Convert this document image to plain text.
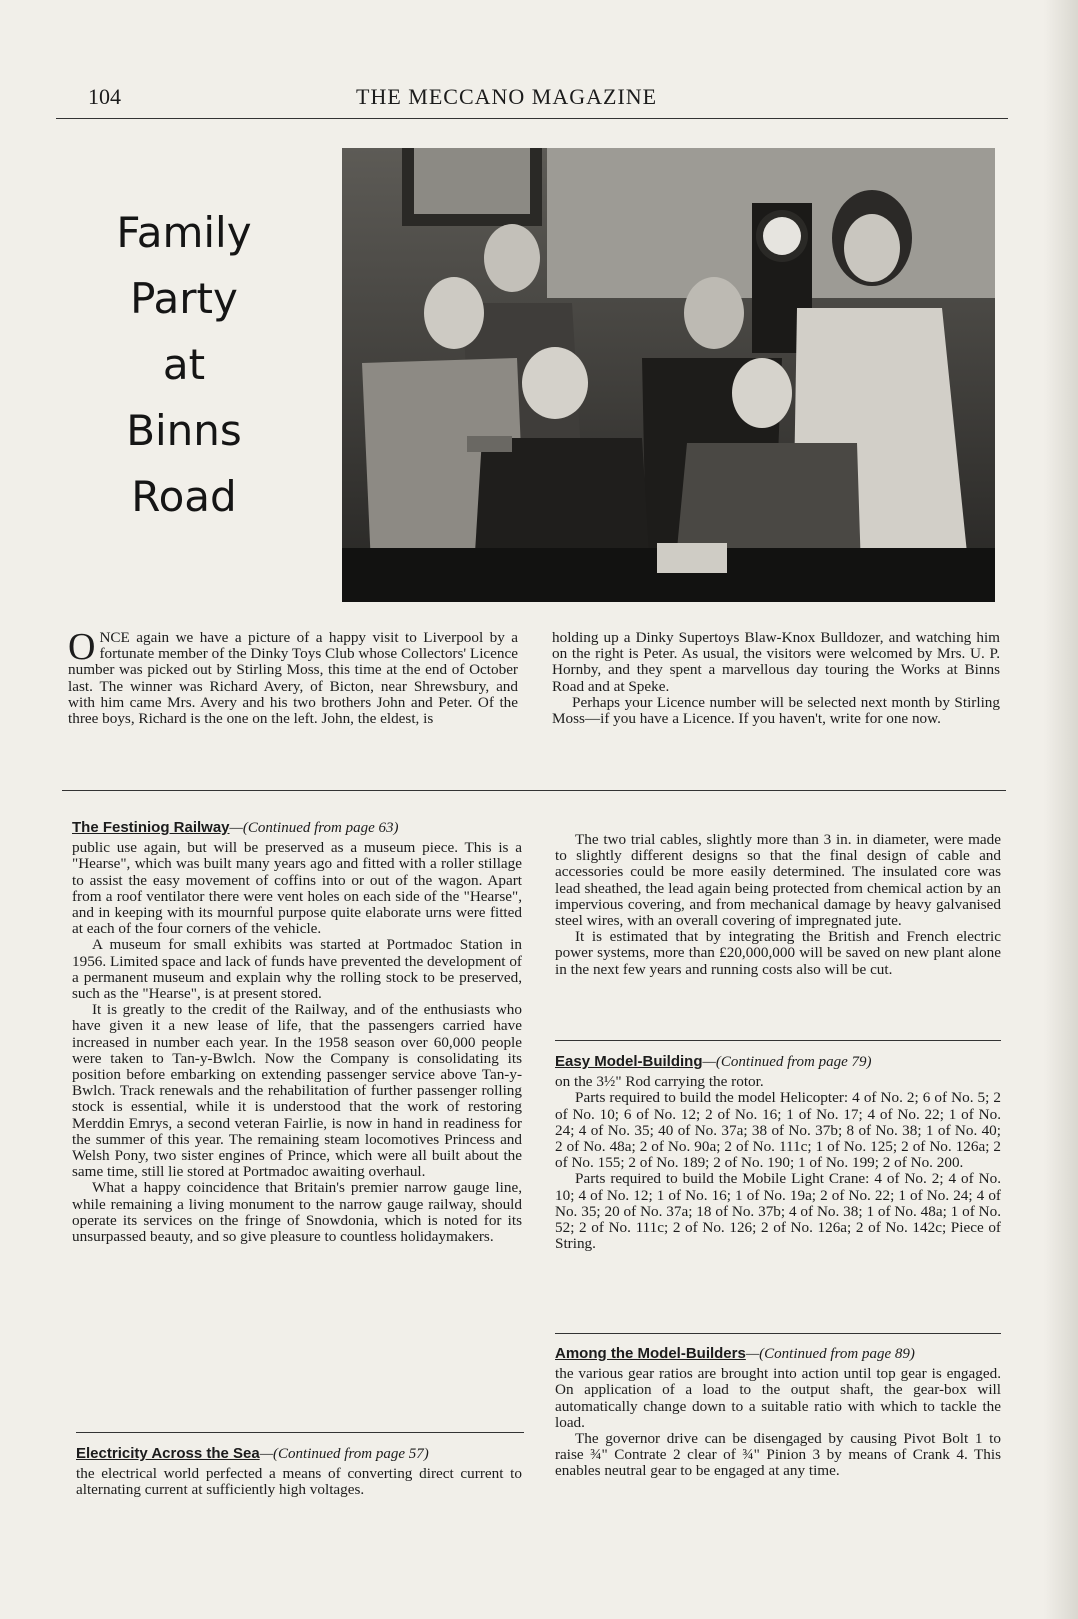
104	THE MECCANO MAGAZINE
Family
Party
at
Binns
Road

ONCE again we have a picture of a happy visit to Liverpool by a fortunate member of the Dinky Toys Club whose Collectors' Licence number was picked out by Stirling Moss, this time at the end of October last. The winner was Richard Avery, of Bicton, near Shrewsbury, and with him came Mrs. Avery and his two brothers John and Peter. Of the three boys, Richard is the one on the left. John, the eldest, is

holding up a Dinky Supertoys Blaw-Knox Bulldozer, and watching him on the right is Peter. As usual, the visitors were welcomed by Mrs. U. P. Hornby, and they spent a marvellous day touring the Works at Binns Road and at Speke.

Perhaps your Licence number will be selected next month by Stirling Moss—if you have a Licence. If you haven't, write for one now.

The Festiniog Railway—(Continued from page 63)

public use again, but will be preserved as a museum piece. This is a "Hearse", which was built many years ago and fitted with a roller stillage to assist the easy movement of coffins into or out of the wagon. Apart from a roof ventilator there were vent holes on each side of the "Hearse", and in keeping with its mournful purpose quite elaborate urns were fitted at each of the four corners of the vehicle.

A museum for small exhibits was started at Portmadoc Station in 1956. Limited space and lack of funds have prevented the development of a permanent museum and explain why the rolling stock to be preserved, such as the "Hearse", is at present stored.

It is greatly to the credit of the Railway, and of the enthusiasts who have given it a new lease of life, that the passengers carried have increased in number each year. In the 1958 season over 60,000 people were taken to Tan-y-Bwlch. Now the Company is consolidating its position before embarking on extending passenger service above Tan-y-Bwlch. Track renewals and the rehabilitation of further passenger rolling stock is essential, while it is understood that the work of restoring Merddin Emrys, a second veteran Fairlie, is now in hand in readiness for the summer of this year. The remaining steam locomotives Princess and Welsh Pony, two sister engines of Prince, which were all built about the same time, still lie stored at Portmadoc awaiting overhaul.

What a happy coincidence that Britain's premier narrow gauge line, while remaining a living monument to the narrow gauge railway, should operate its services on the fringe of Snowdonia, which is noted for its unsurpassed beauty, and so give pleasure to countless holidaymakers.

Electricity Across the Sea—(Continued from page 57)

the electrical world perfected a means of converting direct current to alternating current at sufficiently high voltages.

The two trial cables, slightly more than 3 in. in diameter, were made to slightly different designs so that the final design of cable and accessories could be more easily determined. The insulated core was lead sheathed, the lead again being protected from chemical action by an impervious covering, and from mechanical damage by heavy galvanised steel wires, with an overall covering of impregnated jute.

It is estimated that by integrating the British and French electric power systems, more than £20,000,000 will be saved on new plant alone in the next few years and running costs also will be cut.

Easy Model-Building—(Continued from page 79)

on the 3½" Rod carrying the rotor.

Parts required to build the model Helicopter: 4 of No. 2; 6 of No. 5; 2 of No. 10; 6 of No. 12; 2 of No. 16; 1 of No. 17; 4 of No. 22; 1 of No. 24; 4 of No. 35; 40 of No. 37a; 38 of No. 37b; 8 of No. 38; 1 of No. 40; 2 of No. 48a; 2 of No. 90a; 2 of No. 111c; 1 of No. 125; 2 of No. 126a; 2 of No. 155; 2 of No. 189; 2 of No. 190; 1 of No. 199; 2 of No. 200.

Parts required to build the Mobile Light Crane: 4 of No. 2; 4 of No. 10; 4 of No. 12; 1 of No. 16; 1 of No. 19a; 2 of No. 22; 1 of No. 24; 4 of No. 35; 20 of No. 37a; 18 of No. 37b; 4 of No. 38; 1 of No. 48a; 1 of No. 52; 2 of No. 111c; 2 of No. 126; 2 of No. 126a; 2 of No. 142c; Piece of String.

Among the Model-Builders—(Continued from page 89)

the various gear ratios are brought into action until top gear is engaged. On application of a load to the output shaft, the gear-box will automatically change down to a suitable ratio with which to tackle the load.

The governor drive can be disengaged by causing Pivot Bolt 1 to raise ¾" Contrate 2 clear of ¾" Pinion 3 by means of Crank 4. This enables neutral gear to be engaged at any time.
